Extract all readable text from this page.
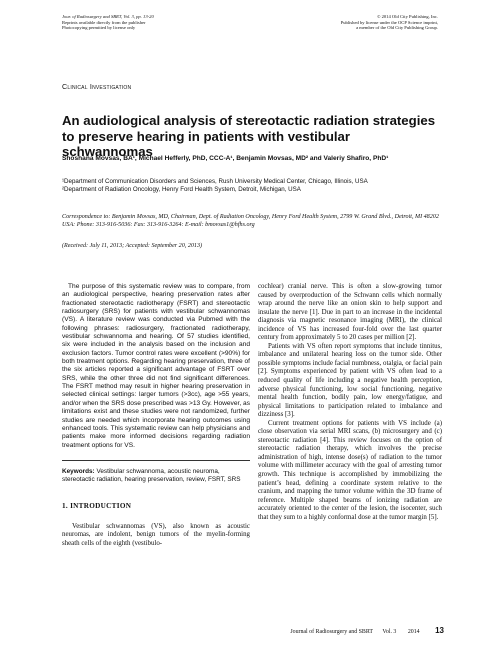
Jour. of Radiosurgery and SBRT, Vol. 3, pp. 13-20
Reprints available directly from the publisher
Photocopying permitted by license only
© 2014 Old City Publishing, Inc.
Published by license under the OCP Science imprint,
a member of the Old City Publishing Group.
Clinical Investigation
An audiological analysis of stereotactic radiation strategies to preserve hearing in patients with vestibular schwannomas
Shoshana Movsas, BA¹, Michael Hefferly, PhD, CCC-A¹, Benjamin Movsas, MD² and Valeriy Shafiro, PhD¹
¹Department of Communication Disorders and Sciences, Rush University Medical Center, Chicago, Illinois, USA
²Department of Radiation Oncology, Henry Ford Health System, Detroit, Michigan, USA
Correspondence to: Benjamin Movsas, MD, Chairman, Dept. of Radiation Oncology, Henry Ford Health System, 2799 W. Grand Blvd., Detroit, MI 48202 USA: Phone: 313-916-5036: Fax: 313-916-3264: E-mail: bmovsas1@hfhs.org
(Received: July 11, 2013; Accepted: September 20, 2013)

The purpose of this systematic review was to compare, from an audiological perspective, hearing preservation rates after fractionated stereotactic radiotherapy (FSRT) and stereotactic radiosurgery (SRS) for patients with vestibular schwannomas (VS). A literature review was conducted via Pubmed with the following phrases: radiosurgery, fractionated radiotherapy, vestibular schwannoma and hearing. Of 57 studies identified, six were included in the analysis based on the inclusion and exclusion factors. Tumor control rates were excellent (>90%) for both treatment options. Regarding hearing preservation, three of the six articles reported a significant advantage of FSRT over SRS, while the other three did not find significant differences. The FSRT method may result in higher hearing preservation in selected clinical settings: larger tumors (>3cc), age >55 years, and/or when the SRS dose prescribed was >13 Gy. However, as limitations exist and these studies were not randomized, further studies are needed which incorporate hearing outcomes using enhanced tools. This systematic review can help physicians and patients make more informed decisions regarding radiation treatment options for VS.

Keywords: Vestibular schwannoma, acoustic neuroma, stereotactic radiation, hearing preservation, review, FSRT, SRS

1. INTRODUCTION

Vestibular schwannomas (VS), also known as acoustic neuromas, are indolent, benign tumors of the myelin-forming sheath cells of the eighth (vestibulo-

cochlear) cranial nerve. This is often a slow-growing tumor caused by overproduction of the Schwann cells which normally wrap around the nerve like an onion skin to help support and insulate the nerve [1]. Due in part to an increase in the incidental diagnosis via magnetic resonance imaging (MRI), the clinical incidence of VS has increased four-fold over the last quarter century from approximately 5 to 20 cases per million [2].

Patients with VS often report symptoms that include tinnitus, imbalance and unilateral hearing loss on the tumor side. Other possible symptoms include facial numbness, otalgia, or facial pain [2]. Symptoms experienced by patient with VS often lead to a reduced quality of life including a negative health perception, adverse physical functioning, low social functioning, negative mental health function, bodily pain, low energy/fatigue, and physical limitations to participation related to imbalance and dizziness [3].

Current treatment options for patients with VS include (a) close observation via serial MRI scans, (b) microsurgery and (c) stereotactic radiation [4]. This review focuses on the option of stereotactic radiation therapy, which involves the precise administration of high, intense dose(s) of radiation to the tumor volume with millimeter accuracy with the goal of arresting tumor growth. This technique is accomplished by immobilizing the patient’s head, defining a coordinate system relative to the cranium, and mapping the tumor volume within the 3D frame of reference. Multiple shaped beams of ionizing radiation are accurately oriented to the center of the lesion, the isocenter, such that they sum to a highly conformal dose at the tumor margin [5].

Journal of Radiosurgery and SBRT Vol. 3 2014 13
